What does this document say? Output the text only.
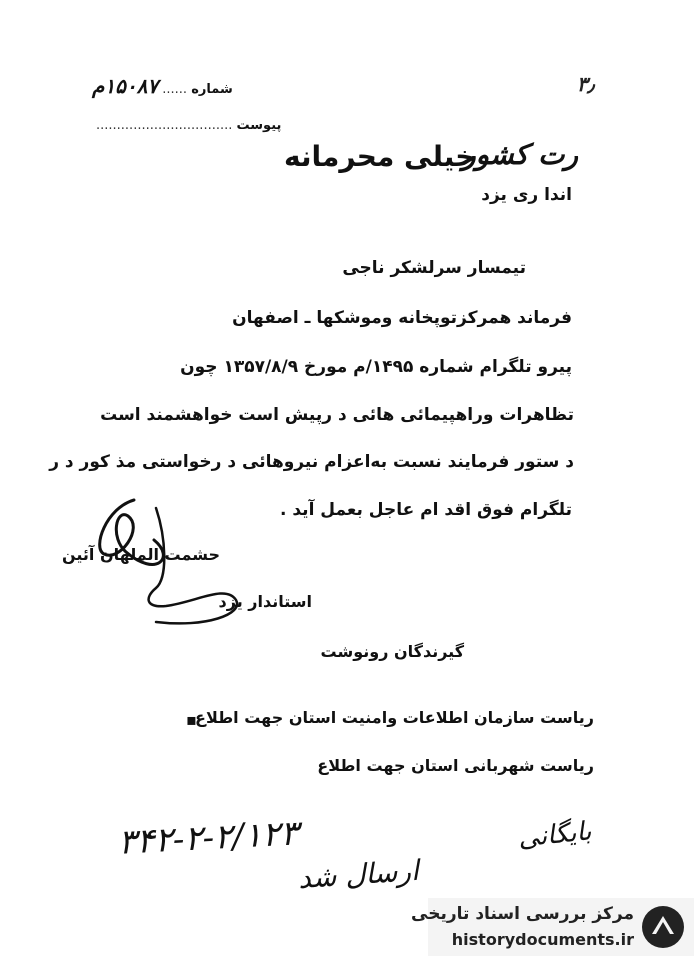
۳٫
رت کشور
اندا ری یزد
خیلی محرمانه
شماره ...... ۱۵۰۸۷م
پیوست .................................
تیمسار سرلشکر ناجی
فرماند همرکزتوپخانه وموشکها ـ اصفهان
پیرو تلگرام شماره ۱۴۹۵/م مورخ ۱۳۵۷/۸/۹ چون
تظاهرات وراهپیمائی هائی د رپیش است خواهشمند است
د ستور فرمایند نسبت به‌اعزام نیروهائی د رخواستی مذ کور د ر
تلگرام فوق اقد ام عاجل بعمل آید .
حشمت الملهان آئین
استاندار یزد
گیرندگان رونوشت
▪
ریاست سازمان اطلاعات وامنیت استان جهت اطلاع
ریاست شهربانی استان جهت اطلاع
۳۴۲-۲-۲/۱۲۳	بایگانی
ارسال شد
مرکز بررسی اسناد تاریخی
historydocuments.ir
